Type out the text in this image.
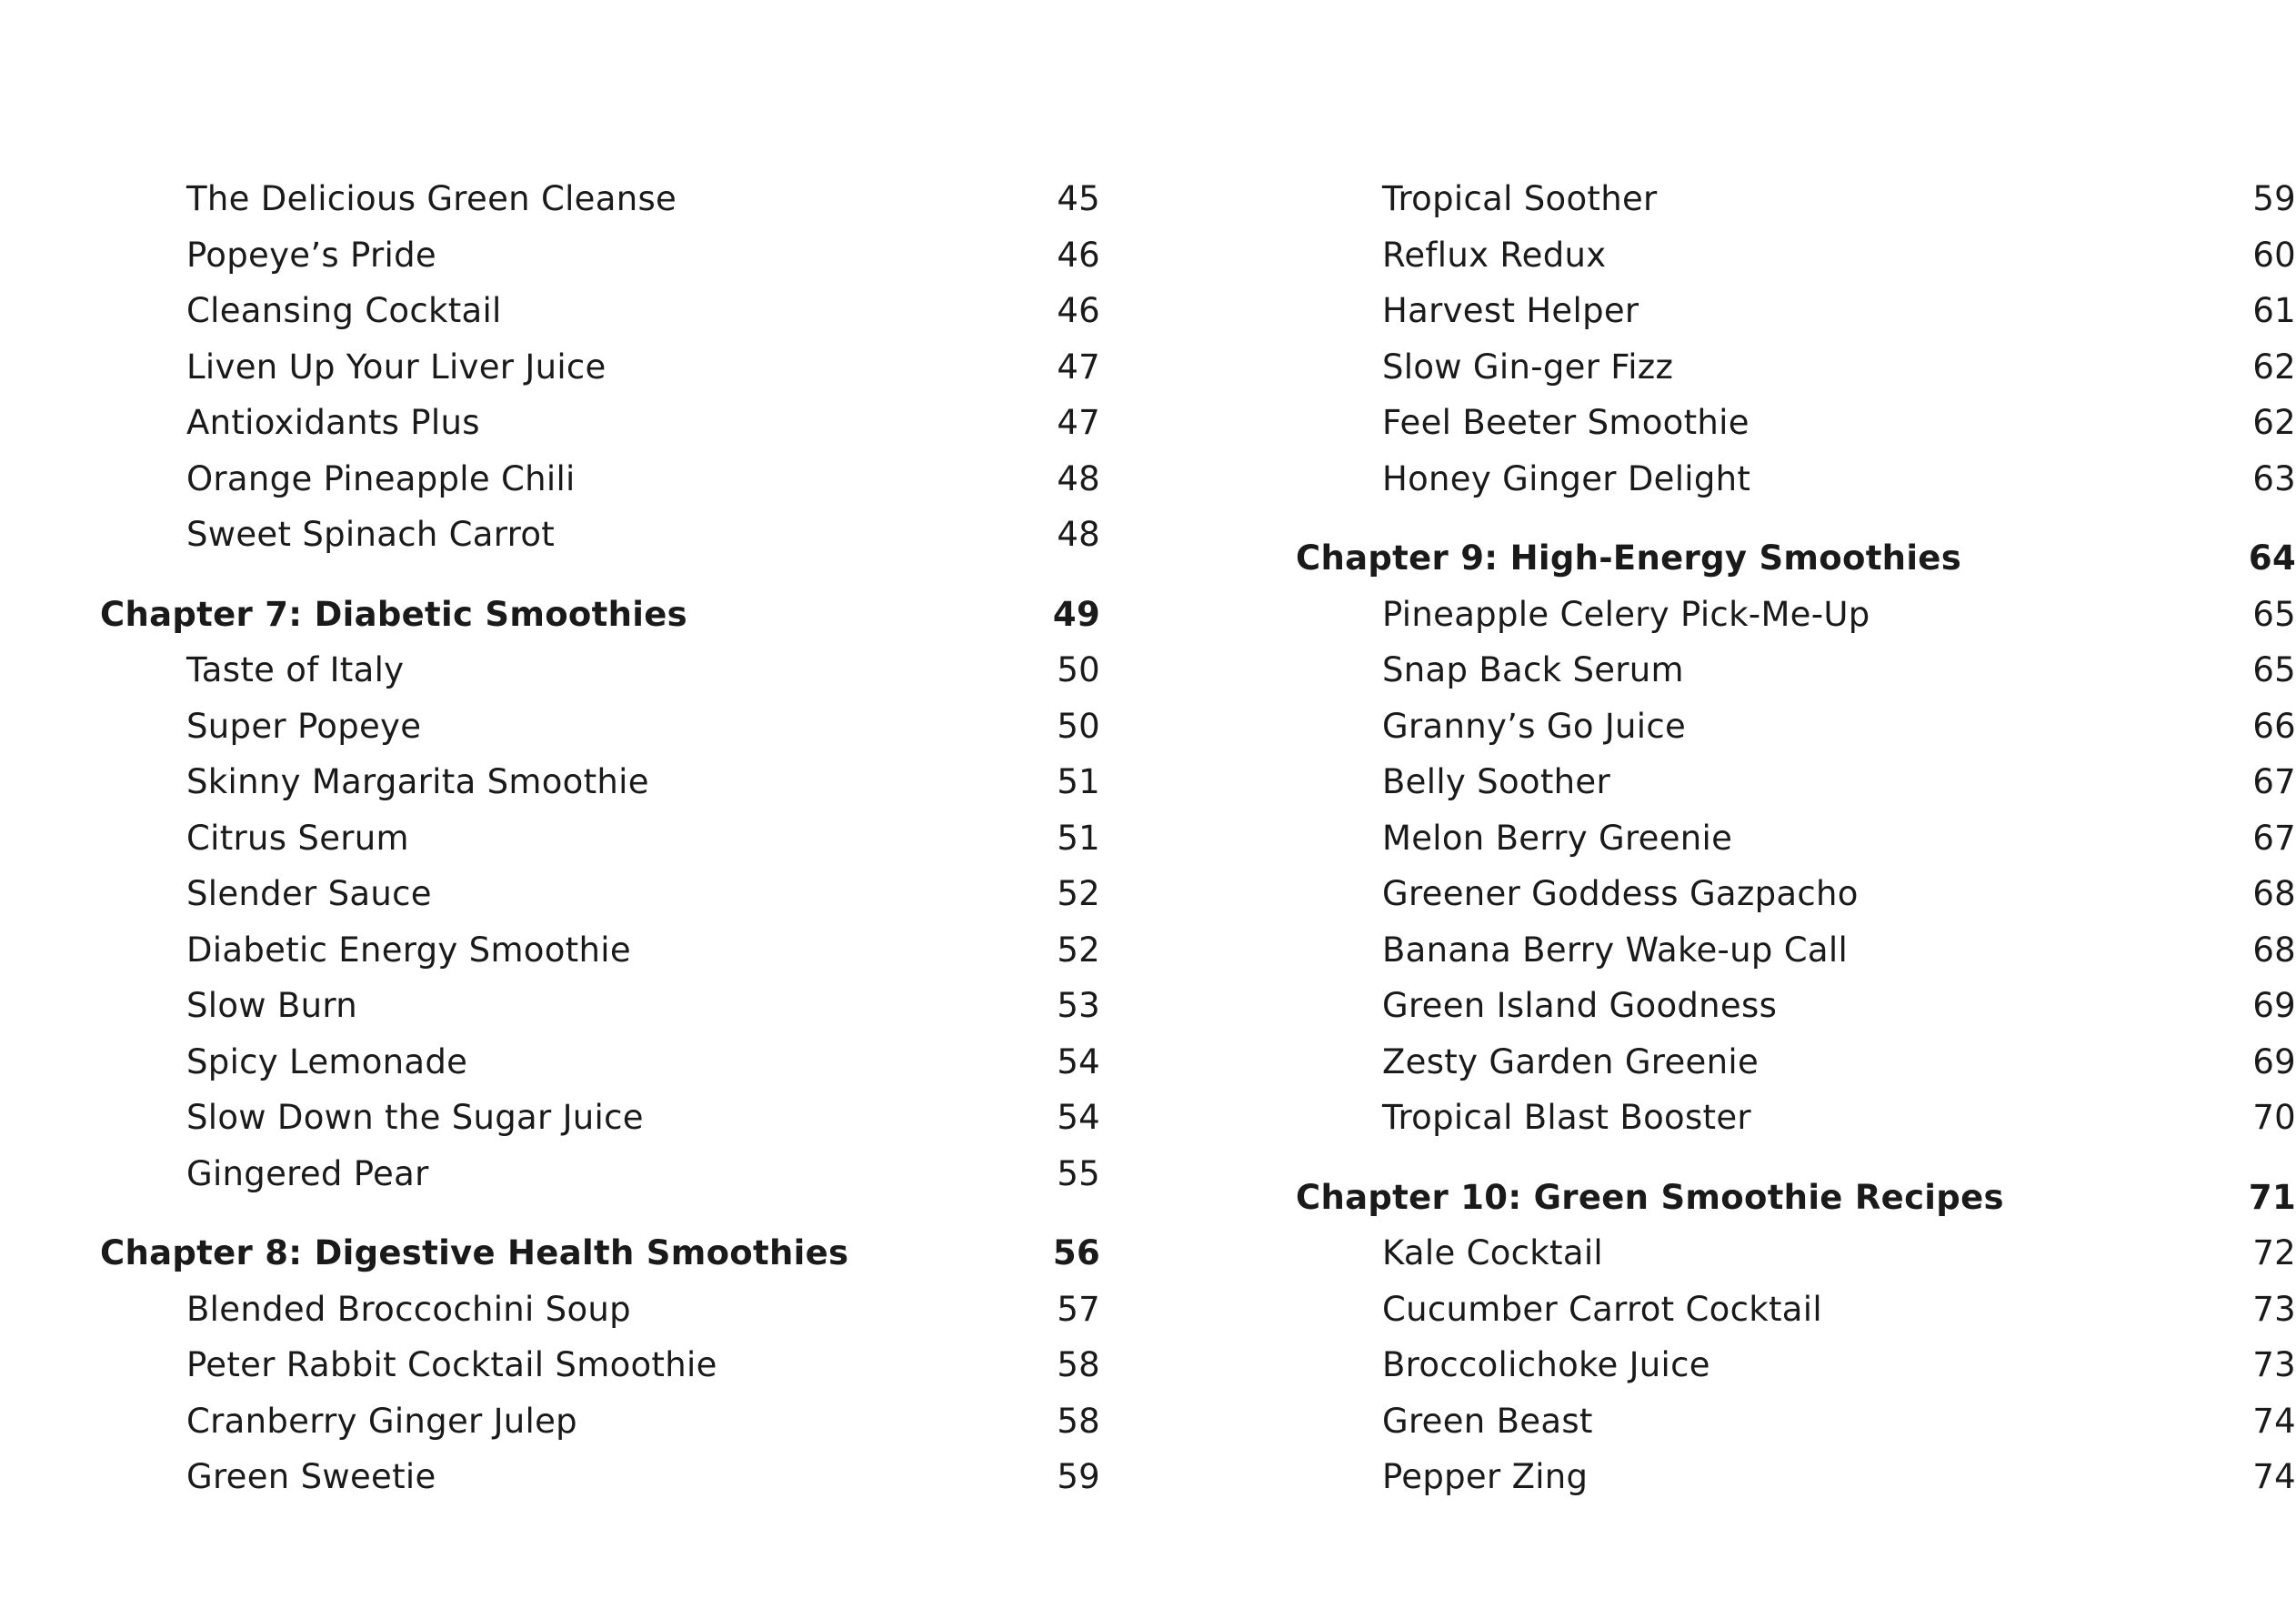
The Delicious Green Cleanse	45
Popeye’s Pride	46
Cleansing Cocktail	46
Liven Up Your Liver Juice	47
Antioxidants Plus	47
Orange Pineapple Chili	48
Sweet Spinach Carrot	48
Chapter 7: Diabetic Smoothies	49
Taste of Italy	50
Super Popeye	50
Skinny Margarita Smoothie	51
Citrus Serum	51
Slender Sauce	52
Diabetic Energy Smoothie	52
Slow Burn	53
Spicy Lemonade	54
Slow Down the Sugar Juice	54
Gingered Pear	55
Chapter 8: Digestive Health Smoothies	56
Blended Broccochini Soup	57
Peter Rabbit Cocktail Smoothie	58
Cranberry Ginger Julep	58
Green Sweetie	59
Tropical Soother	59
Reflux Redux	60
Harvest Helper	61
Slow Gin-ger Fizz	62
Feel Beeter Smoothie	62
Honey Ginger Delight	63
Chapter 9: High-Energy Smoothies	64
Pineapple Celery Pick-Me-Up	65
Snap Back Serum	65
Granny’s Go Juice	66
Belly Soother	67
Melon Berry Greenie	67
Greener Goddess Gazpacho	68
Banana Berry Wake-up Call	68
Green Island Goodness	69
Zesty Garden Greenie	69
Tropical Blast Booster	70
Chapter 10: Green Smoothie Recipes	71
Kale Cocktail	72
Cucumber Carrot Cocktail	73
Broccolichoke Juice	73
Green Beast	74
Pepper Zing	74
